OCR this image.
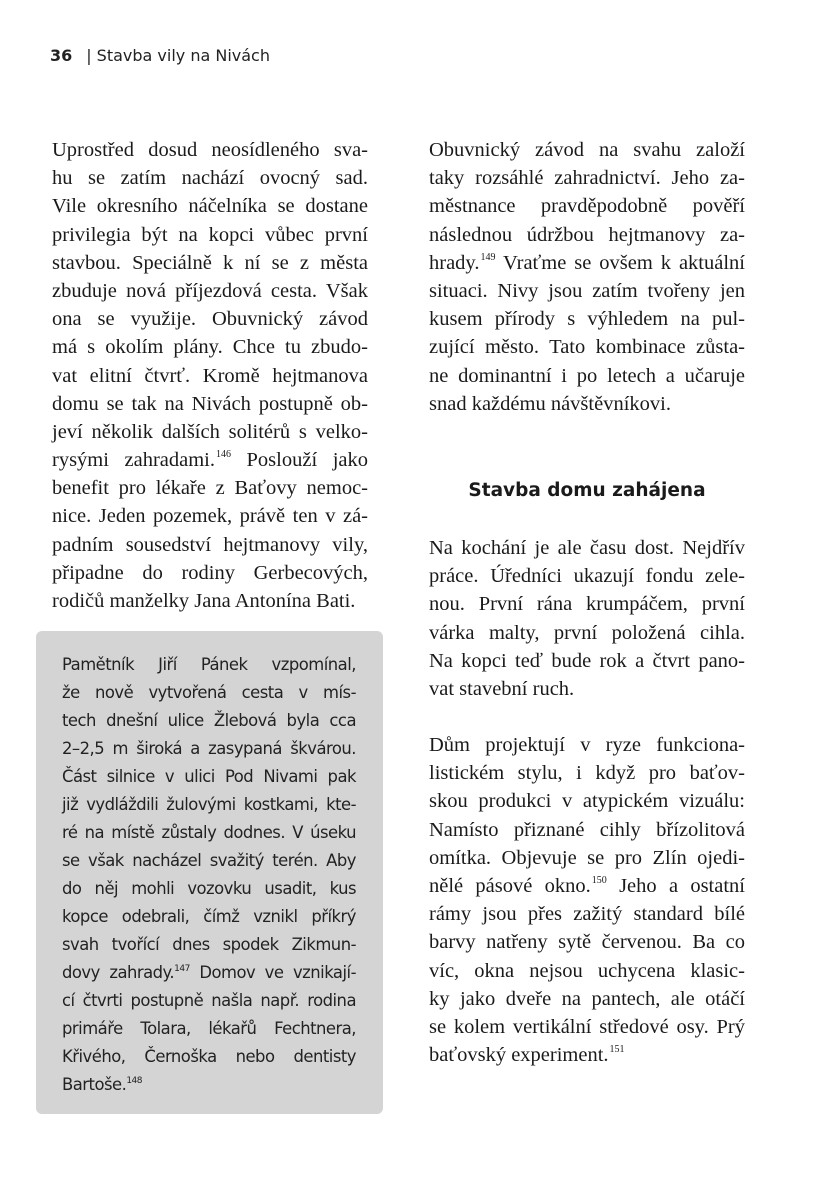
36 | Stavba vily na Nivách
Uprostřed dosud neosídleného sva-
hu se zatím nachází ovocný sad.
Vile okresního náčelníka se dostane
privilegia být na kopci vůbec první
stavbou. Speciálně k ní se z města
zbuduje nová příjezdová cesta. Však
ona se využije. Obuvnický závod
má s okolím plány. Chce tu zbudo-
vat elitní čtvrť. Kromě hejtmanova
domu se tak na Nivách postupně ob-
jeví několik dalších solitérů s velko-
rysými zahradami.$^{146}$ Poslouží jako
benefit pro lékaře z Baťovy nemoc-
nice. Jeden pozemek, právě ten v zá-
padním sousedství hejtmanovy vily,
připadne do rodiny Gerbecových,
rodičů manželky Jana Antonína Bati.
Pamětník Jiří Pánek vzpomínal,
že nově vytvořená cesta v mís-
tech dnešní ulice Žlebová byla cca
2–2,5 m široká a zasypaná škvárou.
Část silnice v ulici Pod Nivami pak
již vydláždili žulovými kostkami, kte-
ré na místě zůstaly dodnes. V úseku
se však nacházel svažitý terén. Aby
do něj mohli vozovku usadit, kus
kopce odebrali, čímž vznikl příkrý
svah tvořící dnes spodek Zikmun-
dovy zahrady.$^{147}$ Domov ve vznikají-
cí čtvrti postupně našla např. rodina
primáře Tolara, lékařů Fechtnera,
Křivého, Černoška nebo dentisty
Bartoše.$^{148}$
Obuvnický závod na svahu založí
taky rozsáhlé zahradnictví. Jeho za-
městnance pravděpodobně pověří
následnou údržbou hejtmanovy za-
hrady.$^{149}$ Vraťme se ovšem k aktuální
situaci. Nivy jsou zatím tvořeny jen
kusem přírody s výhledem na pul-
zující město. Tato kombinace zůsta-
ne dominantní i po letech a učaruje
snad každému návštěvníkovi.
Stavba domu zahájena
Na kochání je ale času dost. Nejdřív
práce. Úředníci ukazují fondu zele-
nou. První rána krumpáčem, první
várka malty, první položená cihla.
Na kopci teď bude rok a čtvrt pano-
vat stavební ruch.
Dům projektují v ryze funkciona-
listickém stylu, i když pro baťov-
skou produkci v atypickém vizuálu:
Namísto přiznané cihly břízolitová
omítka. Objevuje se pro Zlín ojedi-
nělé pásové okno.$^{150}$ Jeho a ostatní
rámy jsou přes zažitý standard bílé
barvy natřeny sytě červenou. Ba co
víc, okna nejsou uchycena klasic-
ky jako dveře na pantech, ale otáčí
se kolem vertikální středové osy. Prý
baťovský experiment.$^{151}$
